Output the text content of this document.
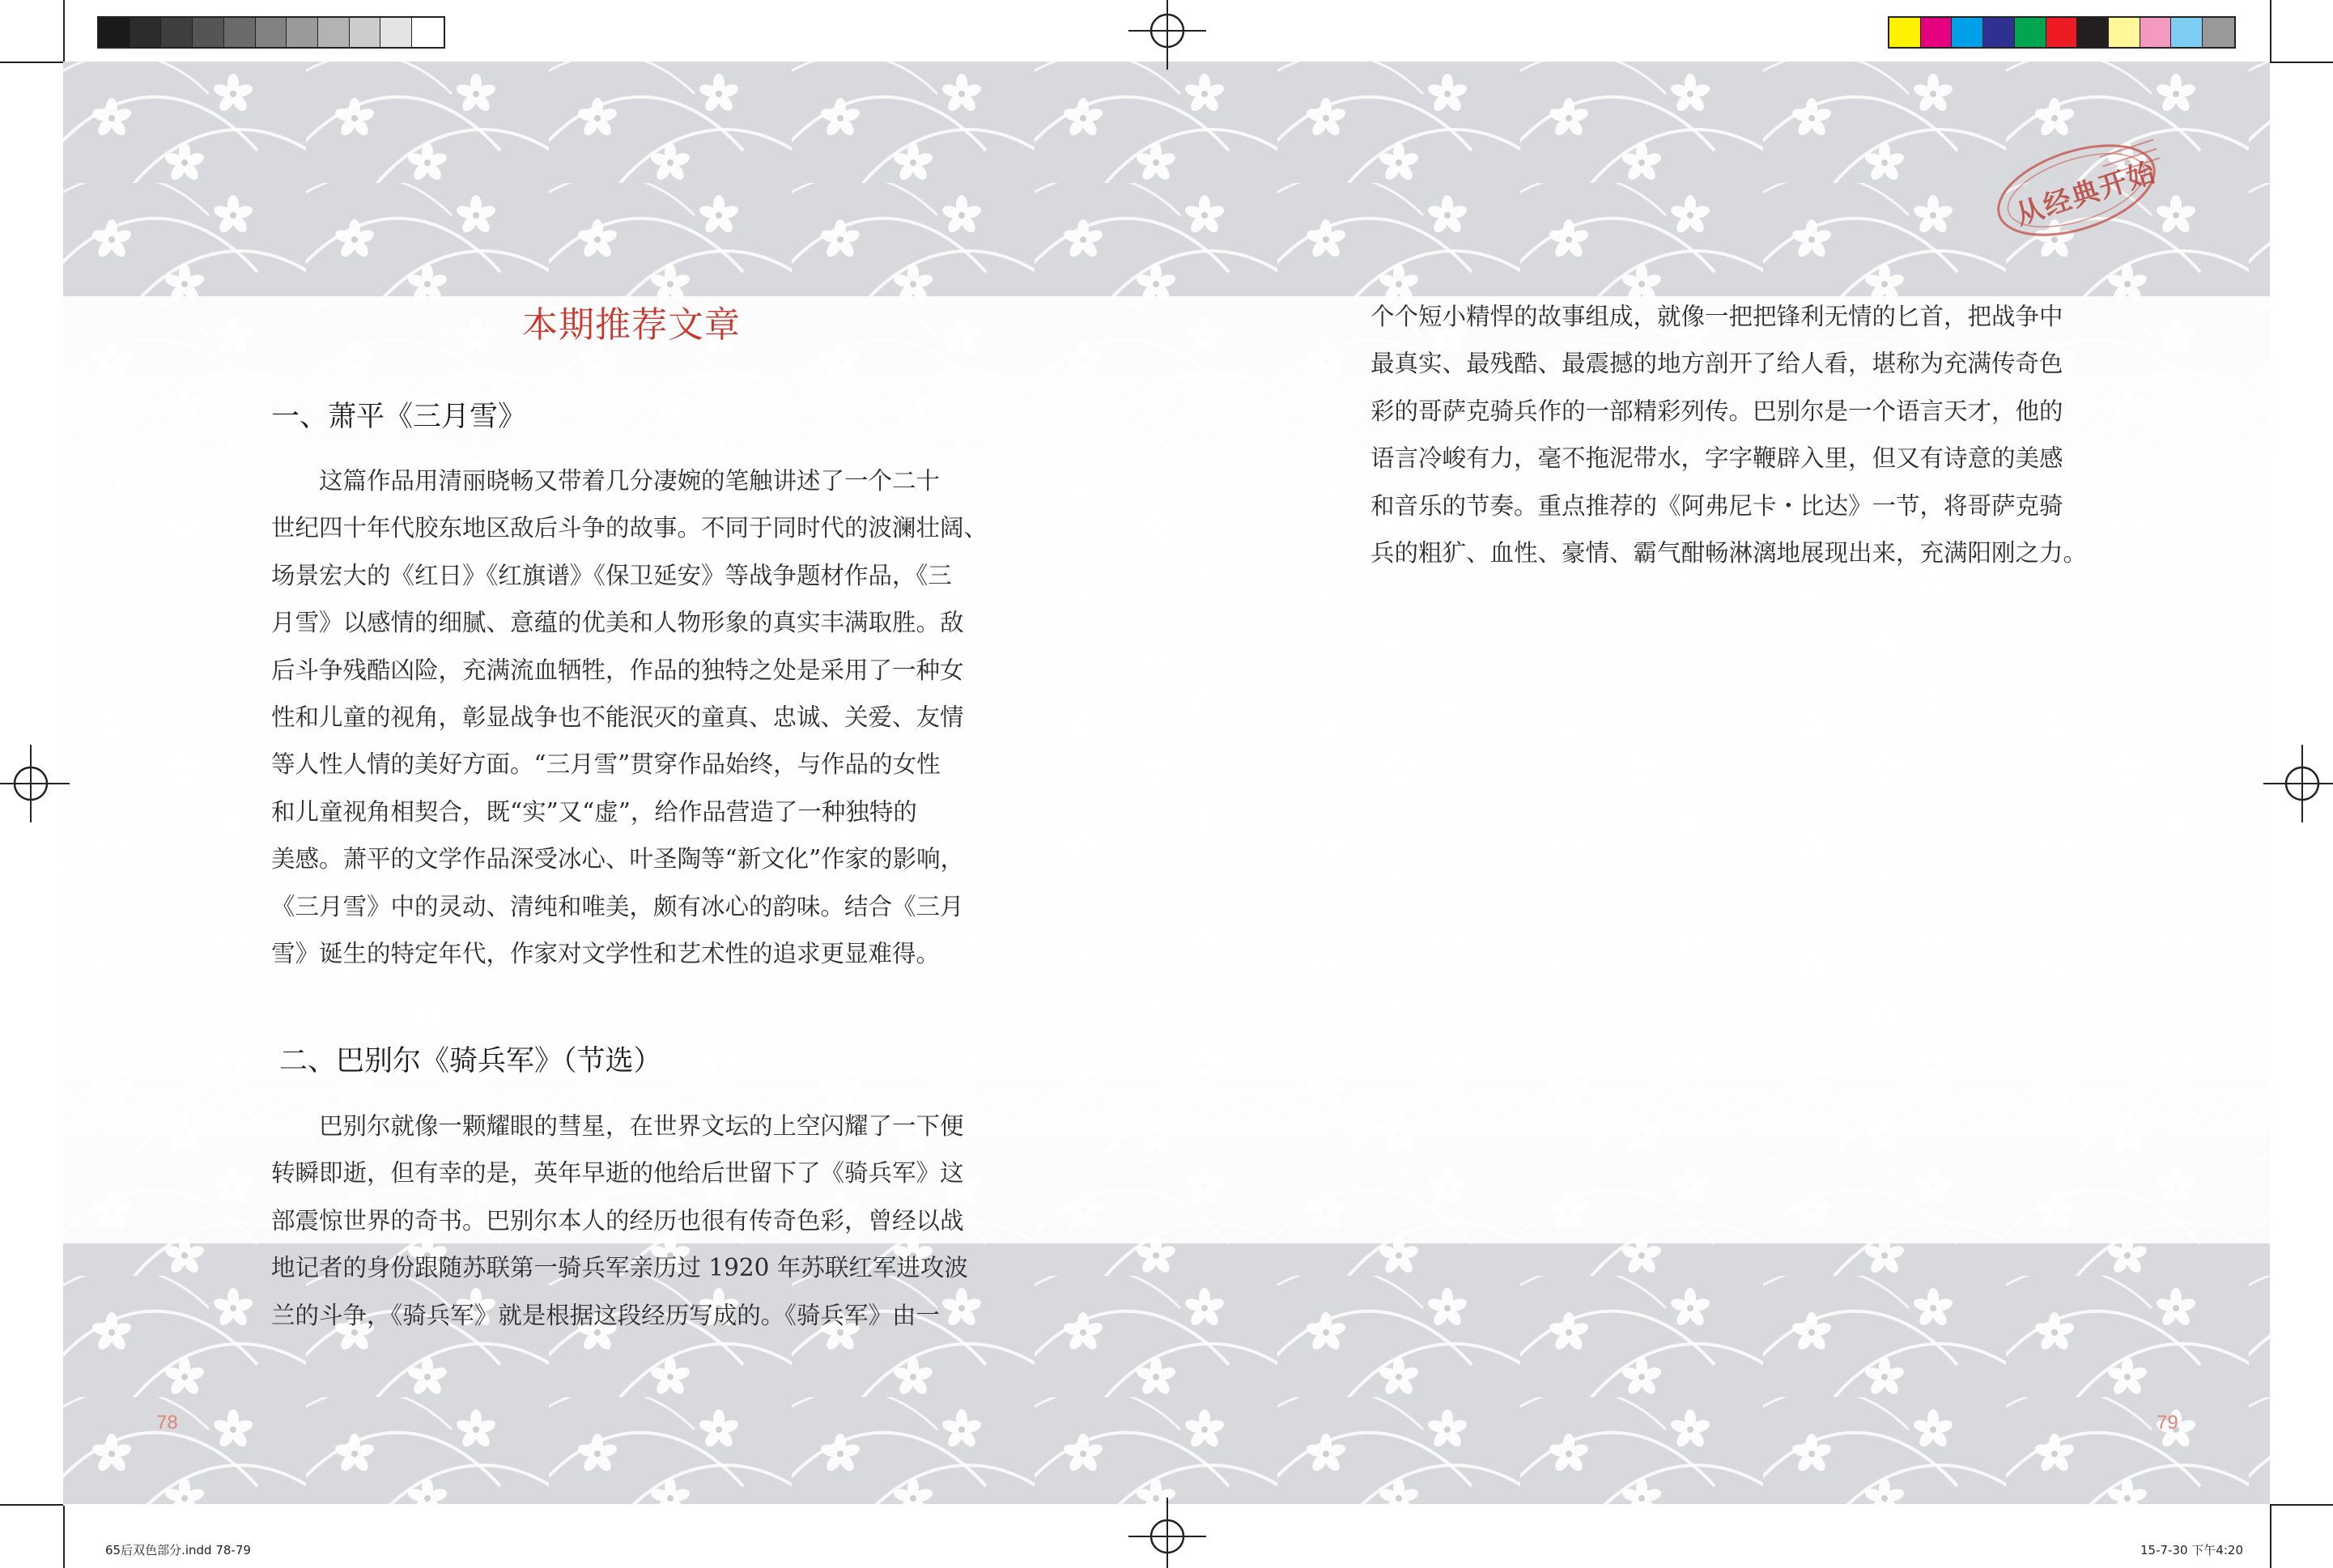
从经典开始
本期推荐文章
一、萧平《三月雪》
　　这篇作品用清丽晓畅又带着几分凄婉的笔触讲述了一个二十
世纪四十年代胶东地区敌后斗争的故事。不同于同时代的波澜壮阔、
场景宏大的《红日》《红旗谱》《保卫延安》等战争题材作品，《三
月雪》以感情的细腻、意蕴的优美和人物形象的真实丰满取胜。敌
后斗争残酷凶险，充满流血牺牲，作品的独特之处是采用了一种女
性和儿童的视角，彰显战争也不能泯灭的童真、忠诚、关爱、友情
等人性人情的美好方面。“三月雪”贯穿作品始终，与作品的女性
和儿童视角相契合，既“实”又“虚”，给作品营造了一种独特的
美感。萧平的文学作品深受冰心、叶圣陶等“新文化”作家的影响，
《三月雪》中的灵动、清纯和唯美，颇有冰心的韵味。结合《三月
雪》诞生的特定年代，作家对文学性和艺术性的追求更显难得。
二、巴别尔《骑兵军》（节选）
　　巴别尔就像一颗耀眼的彗星，在世界文坛的上空闪耀了一下便
转瞬即逝，但有幸的是，英年早逝的他给后世留下了《骑兵军》这
部震惊世界的奇书。巴别尔本人的经历也很有传奇色彩，曾经以战
地记者的身份跟随苏联第一骑兵军亲历过 1920 年苏联红军进攻波
兰的斗争，《骑兵军》就是根据这段经历写成的。《骑兵军》由一
78
个个短小精悍的故事组成，就像一把把锋利无情的匕首，把战争中
最真实、最残酷、最震撼的地方剖开了给人看，堪称为充满传奇色
彩的哥萨克骑兵作的一部精彩列传。巴别尔是一个语言天才，他的
语言冷峻有力，毫不拖泥带水，字字鞭辟入里，但又有诗意的美感
和音乐的节奏。重点推荐的《阿弗尼卡・比达》一节，将哥萨克骑
兵的粗犷、血性、豪情、霸气酣畅淋漓地展现出来，充满阳刚之力。
79
65后双色部分.indd 78-79	15-7-30 下午4:20
